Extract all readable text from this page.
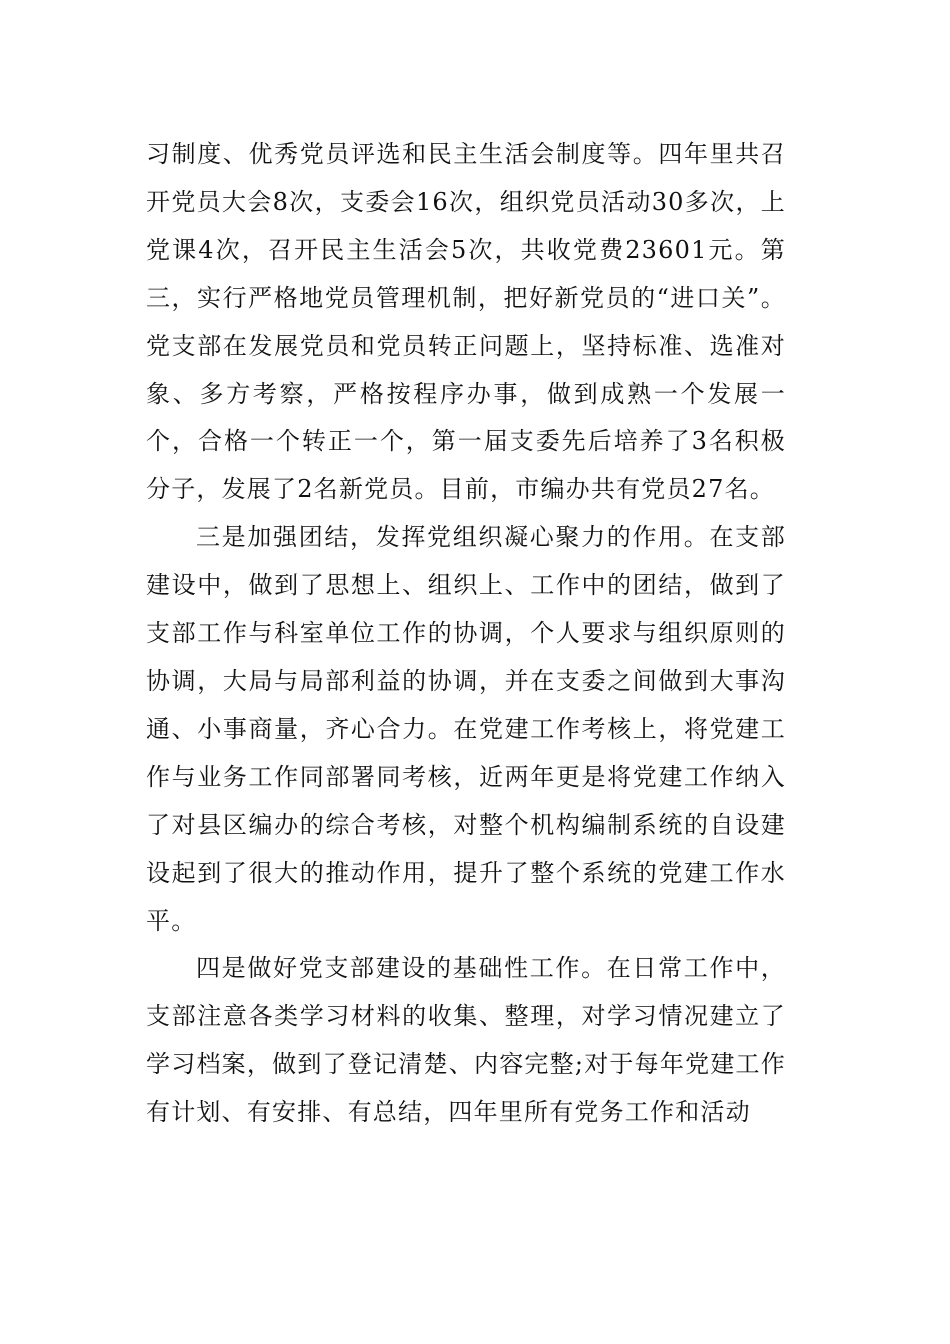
习制度、优秀党员评选和民主生活会制度等。四年里共召开党员大会8次，支委会16次，组织党员活动30多次，上党课4次，召开民主生活会5次，共收党费23601元。第三，实行严格地党员管理机制，把好新党员的“进口关”。党支部在发展党员和党员转正问题上，坚持标准、选准对象、多方考察，严格按程序办事，做到成熟一个发展一个，合格一个转正一个，第一届支委先后培养了3名积极分子，发展了2名新党员。目前，市编办共有党员27名。

三是加强团结，发挥党组织凝心聚力的作用。在支部建设中，做到了思想上、组织上、工作中的团结，做到了支部工作与科室单位工作的协调，个人要求与组织原则的协调，大局与局部利益的协调，并在支委之间做到大事沟通、小事商量，齐心合力。在党建工作考核上，将党建工作与业务工作同部署同考核，近两年更是将党建工作纳入了对县区编办的综合考核，对整个机构编制系统的自设建设起到了很大的推动作用，提升了整个系统的党建工作水平。

四是做好党支部建设的基础性工作。在日常工作中，支部注意各类学习材料的收集、整理，对学习情况建立了学习档案，做到了登记清楚、内容完整;对于每年党建工作有计划、有安排、有总结，四年里所有党务工作和活动
